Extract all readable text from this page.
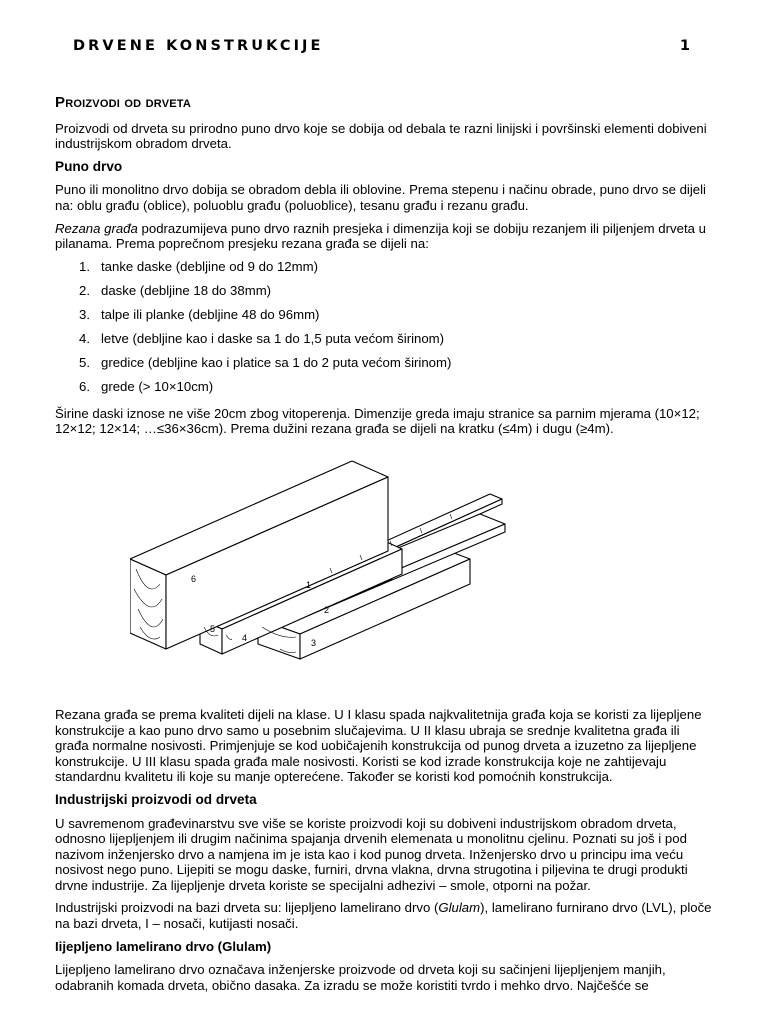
DRVENE KONSTRUKCIJE	1
Proizvodi od drveta

Proizvodi od drveta su prirodno puno drvo koje se dobija od debala te razni linijski i površinski elementi dobiveni industrijskom obradom drveta.

Puno drvo

Puno ili monolitno drvo dobija se obradom debla ili oblovine. Prema stepenu i načinu obrade, puno drvo se dijeli na: oblu građu (oblice), poluoblu građu (poluoblice), tesanu građu i rezanu građu.

Rezana građa podrazumijeva puno drvo raznih presjeka i dimenzija koji se dobiju rezanjem ili piljenjem drveta u pilanama. Prema poprečnom presjeku rezana građa se dijeli na:

1. tanke daske (debljine od 9 do 12mm)
2. daske (debljine 18 do 38mm)
3. talpe ili planke (debljine 48 do 96mm)
4. letve (debljine kao i daske sa 1 do 1,5 puta većom širinom)
5. gredice (debljine kao i platice sa 1 do 2 puta većom širinom)
6. grede (> 10×10cm)

Širine daski iznose ne više 20cm zbog vitoperenja. Dimenzije greda imaju stranice sa parnim mjerama (10×12; 12×12; 12×14; …≤36×36cm). Prema dužini rezana građa se dijeli na kratku (≤4m) i dugu (≥4m).

1
2
3
4
5
6

Rezana građa se prema kvaliteti dijeli na klase. U I klasu spada najkvalitetnija građa koja se koristi za lijepljene konstrukcije a kao puno drvo samo u posebnim slučajevima. U II klasu ubraja se srednje kvalitetna građa ili građa normalne nosivosti. Primjenjuje se kod uobičajenih konstrukcija od punog drveta a izuzetno za lijepljene konstrukcije. U III klasu spada građa male nosivosti. Koristi se kod izrade konstrukcija koje ne zahtijevaju standardnu kvalitetu ili koje su manje opterećene. Također se koristi kod pomoćnih konstrukcija.

Industrijski proizvodi od drveta

U savremenom građevinarstvu sve više se koriste proizvodi koji su dobiveni industrijskom obradom drveta, odnosno lijepljenjem ili drugim načinima spajanja drvenih elemenata u monolitnu cjelinu. Poznati su još i pod nazivom inženjersko drvo a namjena im je ista kao i kod punog drveta. Inženjersko drvo u principu ima veću nosivost nego puno. Lijepiti se mogu daske, furniri, drvna vlakna, drvna strugotina i piljevina te drugi produkti drvne industrije. Za lijepljenje drveta koriste se specijalni adhezivi – smole, otporni na požar.

Industrijski proizvodi na bazi drveta su: lijepljeno lamelirano drvo (Glulam), lamelirano furnirano drvo (LVL), ploče na bazi drveta, I – nosači, kutijasti nosači.

Iijepljeno lamelirano drvo (Glulam)

Lijepljeno lamelirano drvo označava inženjerske proizvode od drveta koji su sačinjeni lijepljenjem manjih, odabranih komada drveta, obično dasaka. Za izradu se može koristiti tvrdo i mehko drvo. Najčešće se
